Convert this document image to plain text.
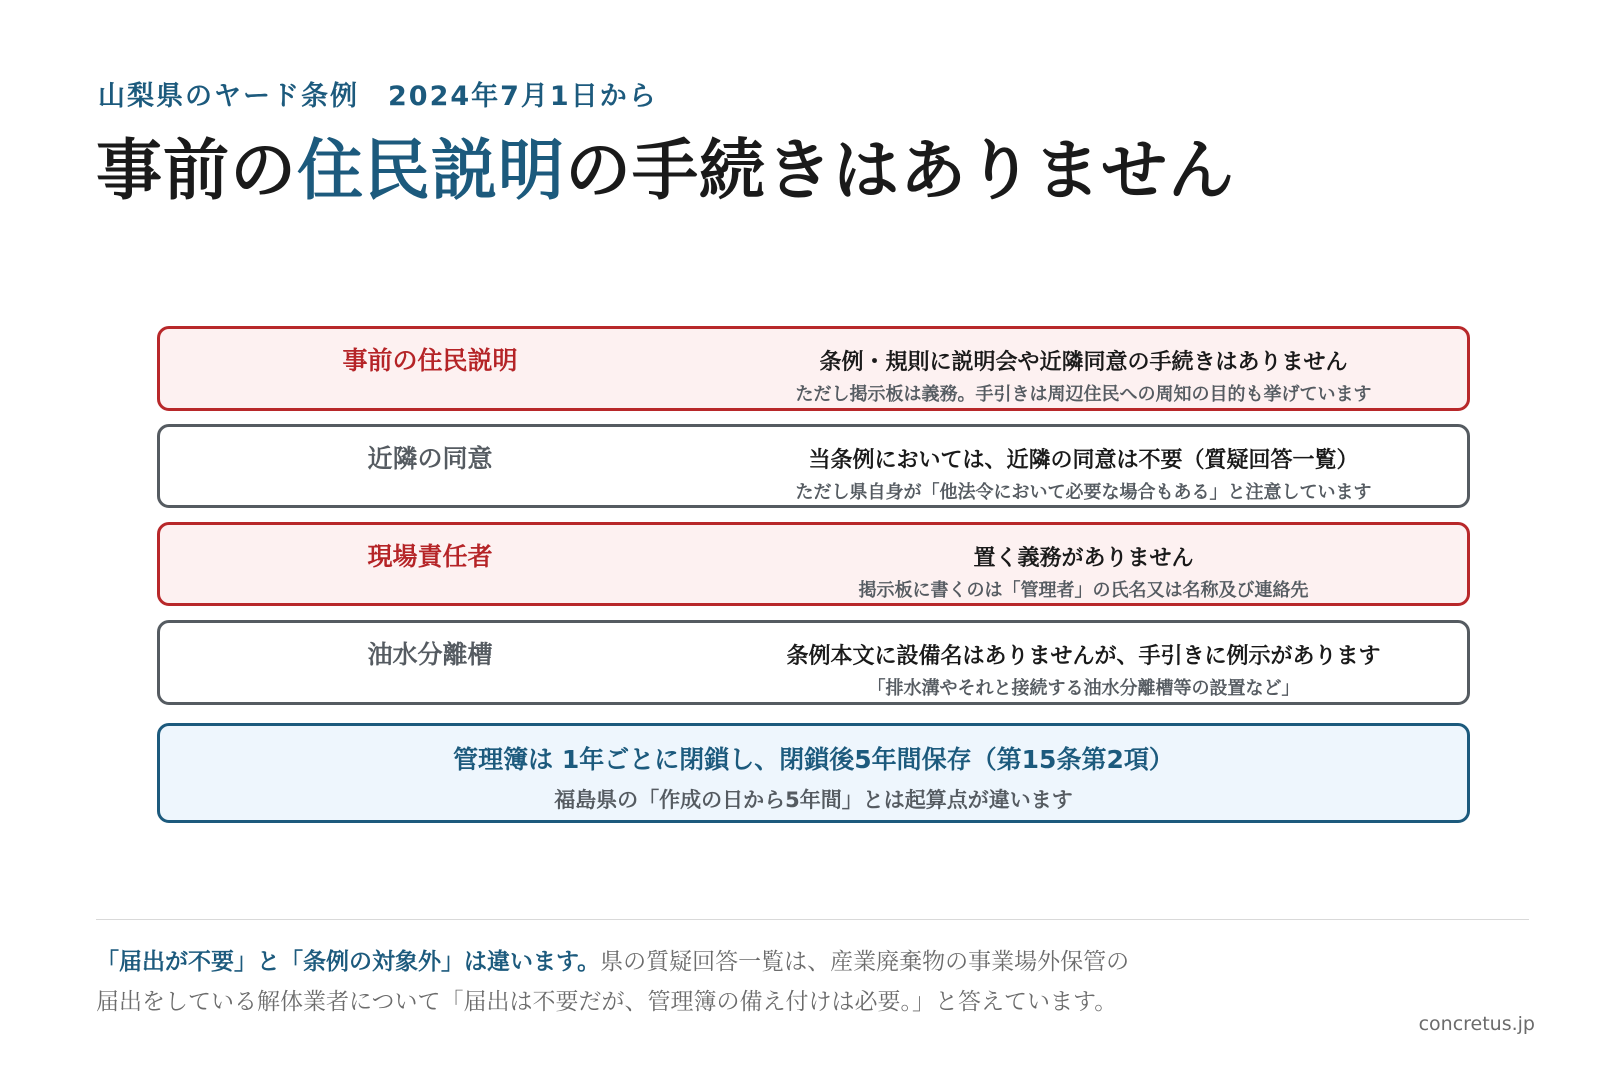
山梨県のヤード条例　2024年7月1日から
事前の住民説明の手続きはありません
事前の住民説明	条例・規則に説明会や近隣同意の手続きはありません
ただし掲示板は義務。手引きは周辺住民への周知の目的も挙げています
近隣の同意	当条例においては、近隣の同意は不要（質疑回答一覧）
ただし県自身が「他法令において必要な場合もある」と注意しています
現場責任者	置く義務がありません
掲示板に書くのは「管理者」の氏名又は名称及び連絡先
油水分離槽	条例本文に設備名はありませんが、手引きに例示があります
「排水溝やそれと接続する油水分離槽等の設置など」
管理簿は 1年ごとに閉鎖し、閉鎖後5年間保存（第15条第2項）
福島県の「作成の日から5年間」とは起算点が違います
「届出が不要」と「条例の対象外」は違います。県の質疑回答一覧は、産業廃棄物の事業場外保管の
届出をしている解体業者について「届出は不要だが、管理簿の備え付けは必要。」と答えています。
concretus.jp
